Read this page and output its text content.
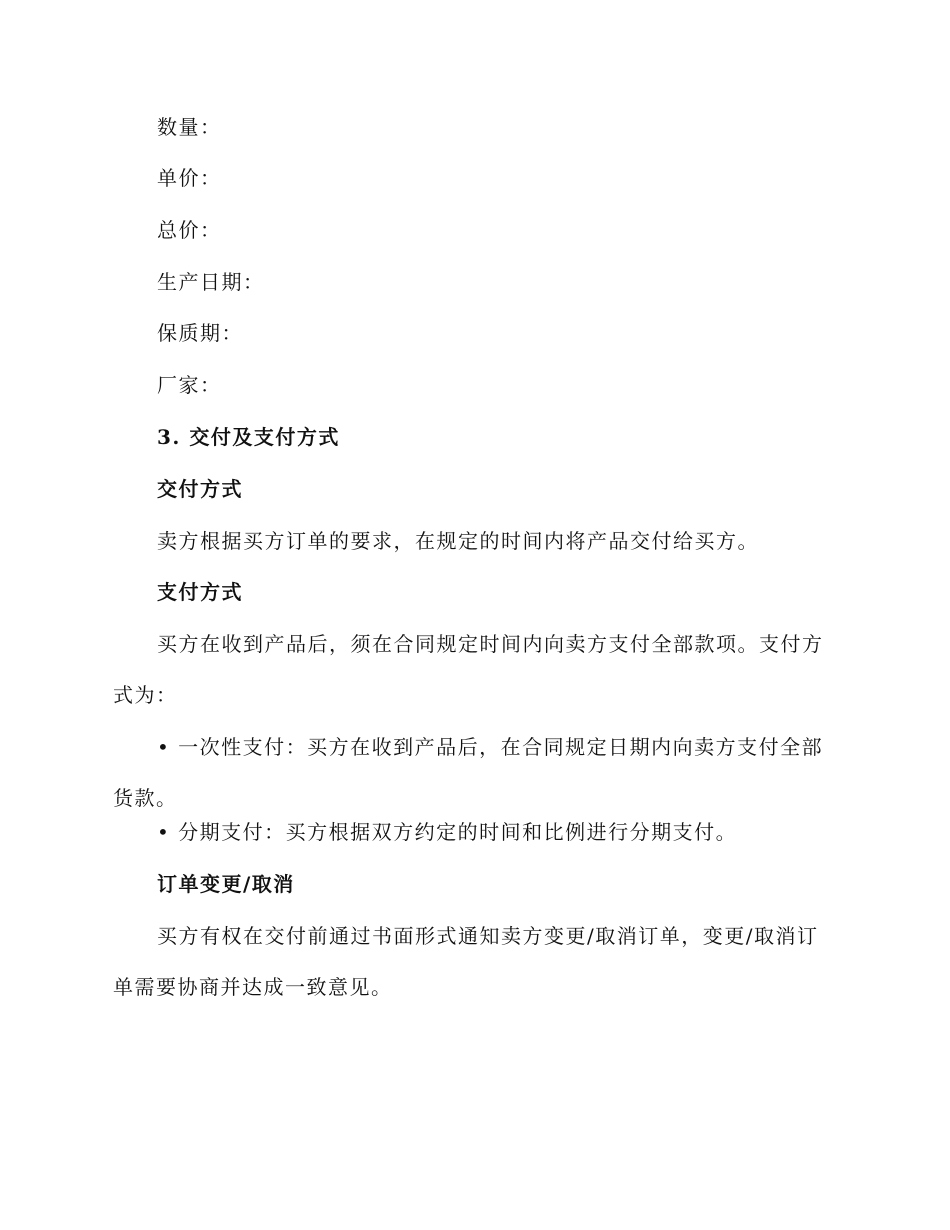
数量：
单价：
总价：
生产日期：
保质期：
厂家：
3. 交付及支付方式
交付方式
卖方根据买方订单的要求，在规定的时间内将产品交付给买方。
支付方式
买方在收到产品后，须在合同规定时间内向卖方支付全部款项。支付方式为：
• 一次性支付：买方在收到产品后，在合同规定日期内向卖方支付全部货款。
• 分期支付：买方根据双方约定的时间和比例进行分期支付。
订单变更/取消
买方有权在交付前通过书面形式通知卖方变更/取消订单，变更/取消订单需要协商并达成一致意见。
